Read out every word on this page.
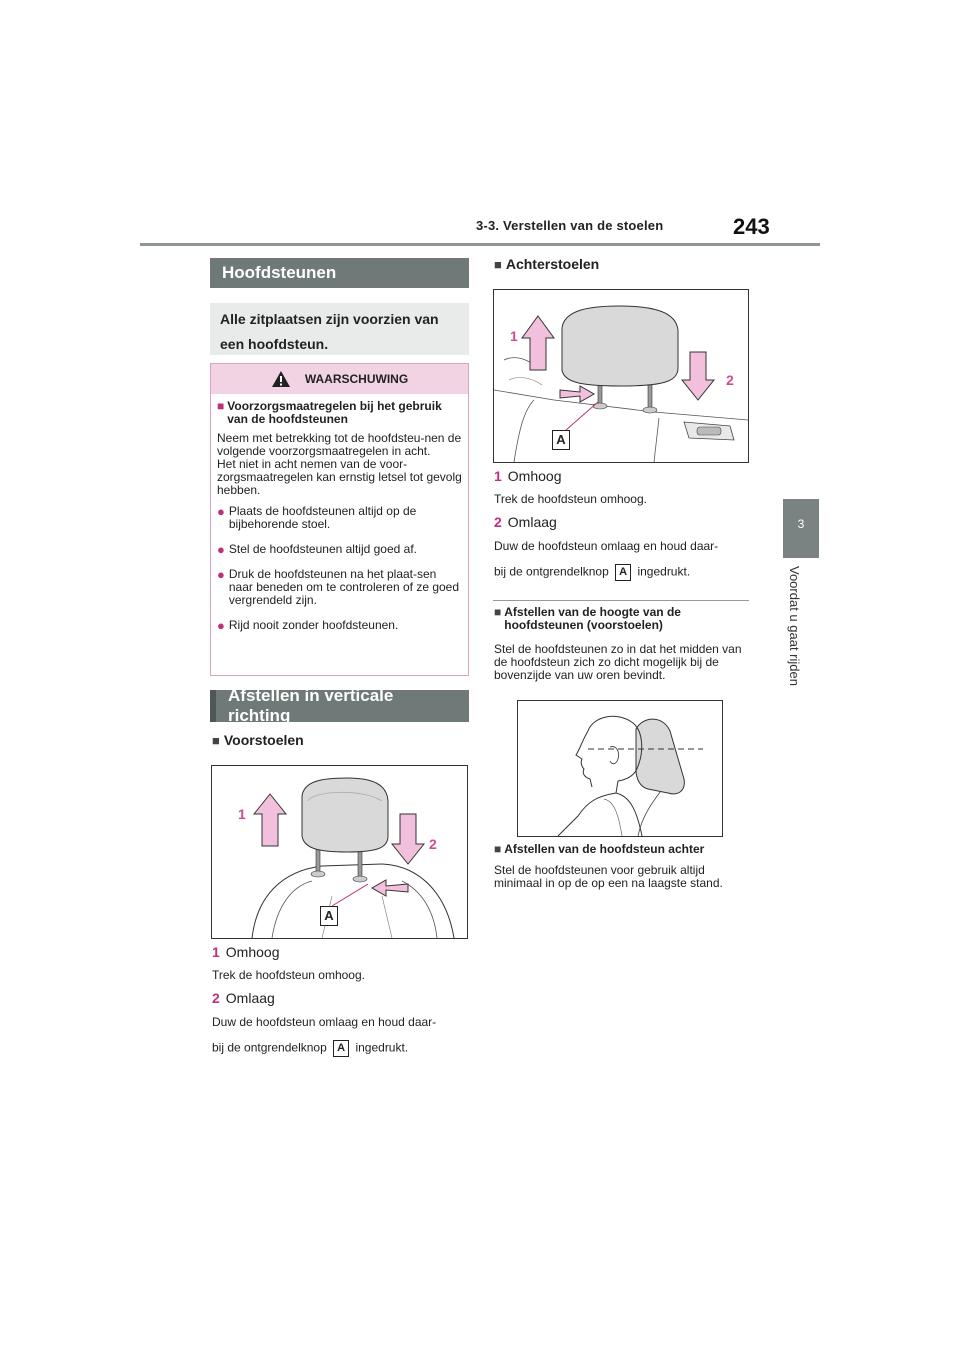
3-3. Verstellen van de stoelen	243
3
Voordat u gaat rijden
Hoofdsteunen
Alle zitplaatsen zijn voorzien van een hoofdsteun.
WAARSCHUWING
■ Voorzorgsmaatregelen bij het gebruik van de hoofdsteunen
Neem met betrekking tot de hoofdsteu-nen de volgende voorzorgsmaatregelen in acht.
Het niet in acht nemen van de voor-zorgsmaatregelen kan ernstig letsel tot gevolg hebben.
● Plaats de hoofdsteunen altijd op de bijbehorende stoel.
● Stel de hoofdsteunen altijd goed af.
● Druk de hoofdsteunen na het plaat-sen naar beneden om te controleren of ze goed vergrendeld zijn.
● Rijd nooit zonder hoofdsteunen.
Afstellen in verticale richting
■ Voorstoelen
1
2
A
1 Omhoog
Trek de hoofdsteun omhoog.
2 Omlaag
Duw de hoofdsteun omlaag en houd daar-
bij de ontgrendelknop A ingedrukt.
■ Achterstoelen
1
2
A
1 Omhoog
Trek de hoofdsteun omhoog.
2 Omlaag
Duw de hoofdsteun omlaag en houd daar-
bij de ontgrendelknop A ingedrukt.
■ Afstellen van de hoogte van de hoofdsteunen (voorstoelen)
Stel de hoofdsteunen zo in dat het midden van de hoofdsteun zich zo dicht mogelijk bij de bovenzijde van uw oren bevindt.
■ Afstellen van de hoofdsteun achter
Stel de hoofdsteunen voor gebruik altijd minimaal in op de op een na laagste stand.
